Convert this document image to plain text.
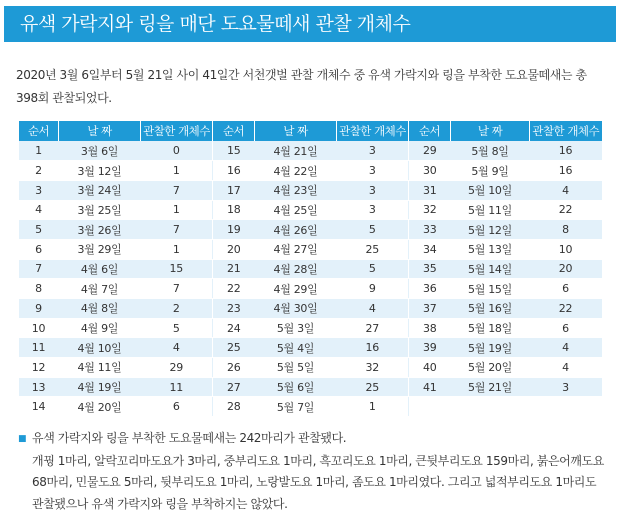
유색 가락지와 링을 매단 도요물떼새 관찰 개체수

2020년 3월 6일부터 5월 21일 사이 41일간 서천갯벌 관찰 개체수 중 유색 가락지와 링을 부착한 도요물떼새는 총 398회 관찰되었다.

순서	날 짜	관찰한 개체수	순서	날 짜	관찰한 개체수	순서	날 짜	관찰한 개체수
1	3월 6일	0	15	4월 21일	3	29	5월 8일	16
2	3월 12일	1	16	4월 22일	3	30	5월 9일	16
3	3월 24일	7	17	4월 23일	3	31	5월 10일	4
4	3월 25일	1	18	4월 25일	3	32	5월 11일	22
5	3월 26일	7	19	4월 26일	5	33	5월 12일	8
6	3월 29일	1	20	4월 27일	25	34	5월 13일	10
7	4월 6일	15	21	4월 28일	5	35	5월 14일	20
8	4월 7일	7	22	4월 29일	9	36	5월 15일	6
9	4월 8일	2	23	4월 30일	4	37	5월 16일	22
10	4월 9일	5	24	5월 3일	27	38	5월 18일	6
11	4월 10일	4	25	5월 4일	16	39	5월 19일	4
12	4월 11일	29	26	5월 5일	32	40	5월 20일	4
13	4월 19일	11	27	5월 6일	25	41	5월 21일	3
14	4월 20일	6	28	5월 7일	1			
■ 유색 가락지와 링을 부착한 도요물떼새는 242마리가 관찰됐다.
개꿩 1마리, 알락꼬리마도요가 3마리, 중부리도요 1마리, 흑꼬리도요 1마리, 큰뒷부리도요 159마리, 붉은어깨도요 68마리, 민물도요 5마리, 뒷부리도요 1마리, 노랑발도요 1마리, 좀도요 1마리였다. 그리고 넓적부리도요 1마리도 관찰됐으나 유색 가락지와 링을 부착하지는 않았다.
